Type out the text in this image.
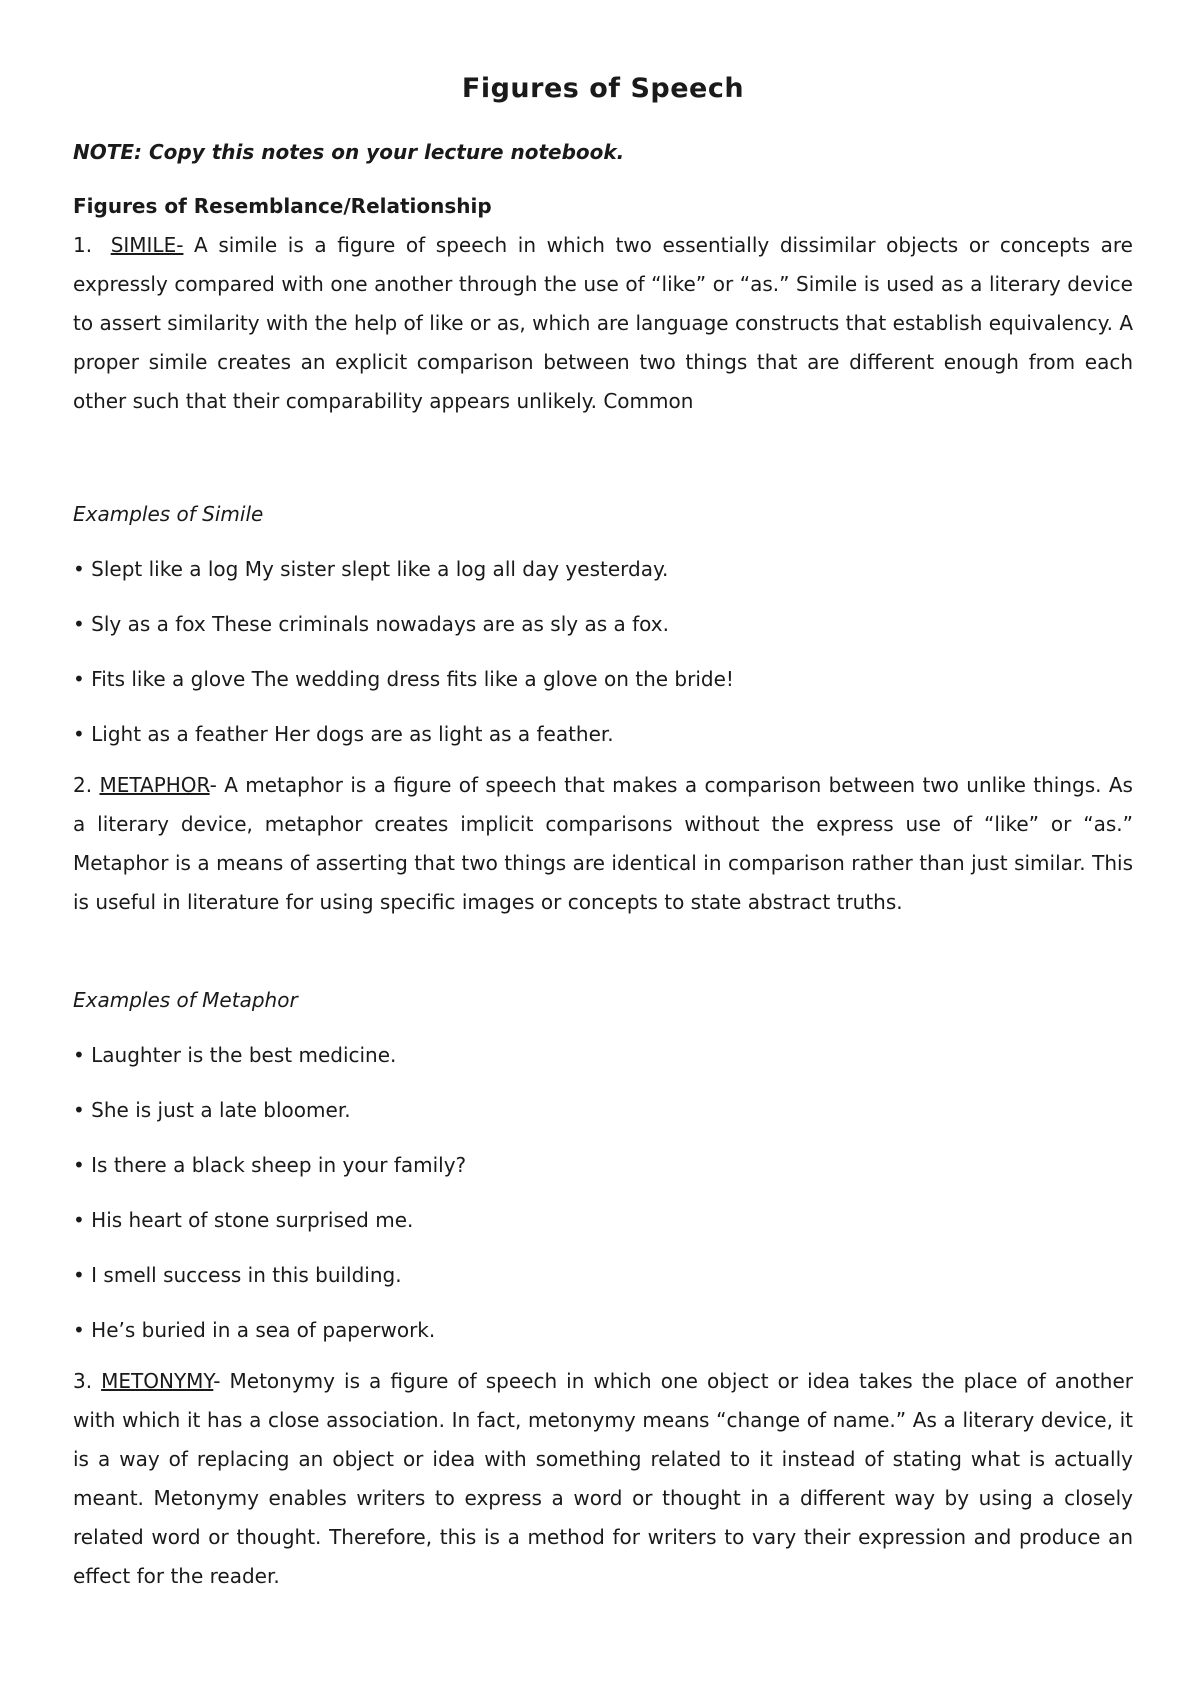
Figures of Speech

NOTE: Copy this notes on your lecture notebook.

Figures of Resemblance/Relationship

1. SIMILE- A simile is a figure of speech in which two essentially dissimilar objects or concepts are expressly compared with one another through the use of “like” or “as.” Simile is used as a literary device to assert similarity with the help of like or as, which are language constructs that establish equivalency. A proper simile creates an explicit comparison between two things that are different enough from each other such that their comparability appears unlikely. Common

Examples of Simile

• Slept like a log My sister slept like a log all day yesterday.

• Sly as a fox These criminals nowadays are as sly as a fox.

• Fits like a glove The wedding dress fits like a glove on the bride!

• Light as a feather Her dogs are as light as a feather.

2. METAPHOR- A metaphor is a figure of speech that makes a comparison between two unlike things. As a literary device, metaphor creates implicit comparisons without the express use of “like” or “as.” Metaphor is a means of asserting that two things are identical in comparison rather than just similar. This is useful in literature for using specific images or concepts to state abstract truths.

Examples of Metaphor

• Laughter is the best medicine.

• She is just a late bloomer.

• Is there a black sheep in your family?

• His heart of stone surprised me.

• I smell success in this building.

• He’s buried in a sea of paperwork.

3. METONYMY- Metonymy is a figure of speech in which one object or idea takes the place of another with which it has a close association. In fact, metonymy means “change of name.” As a literary device, it is a way of replacing an object or idea with something related to it instead of stating what is actually meant. Metonymy enables writers to express a word or thought in a different way by using a closely related word or thought. Therefore, this is a method for writers to vary their expression and produce an effect for the reader.
